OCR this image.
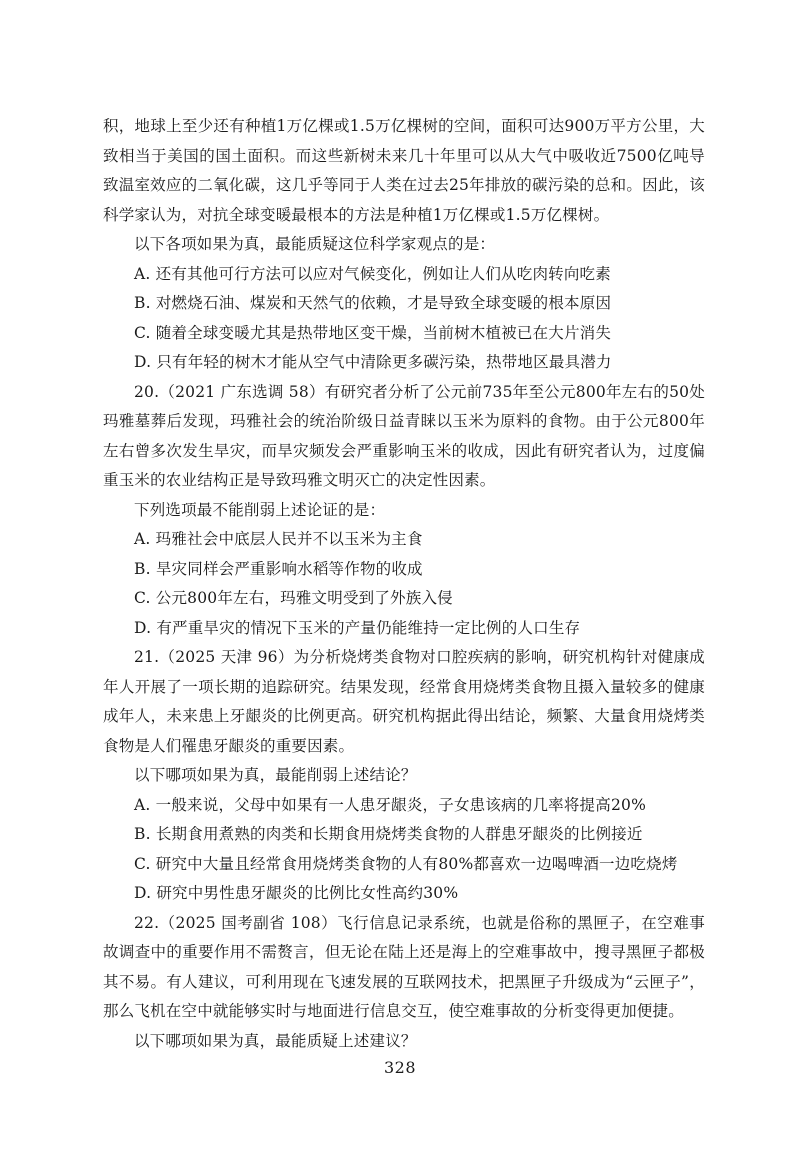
积，地球上至少还有种植1万亿棵或1.5万亿棵树的空间，面积可达900万平方公里，大致相当于美国的国土面积。而这些新树未来几十年里可以从大气中吸收近7500亿吨导致温室效应的二氧化碳，这几乎等同于人类在过去25年排放的碳污染的总和。因此，该科学家认为，对抗全球变暖最根本的方法是种植1万亿棵或1.5万亿棵树。

以下各项如果为真，最能质疑这位科学家观点的是：

A. 还有其他可行方法可以应对气候变化，例如让人们从吃肉转向吃素

B. 对燃烧石油、煤炭和天然气的依赖，才是导致全球变暖的根本原因

C. 随着全球变暖尤其是热带地区变干燥，当前树木植被已在大片消失

D. 只有年轻的树木才能从空气中清除更多碳污染，热带地区最具潜力

20.（2021 广东选调 58）有研究者分析了公元前735年至公元800年左右的50处玛雅墓葬后发现，玛雅社会的统治阶级日益青睐以玉米为原料的食物。由于公元800年左右曾多次发生旱灾，而旱灾频发会严重影响玉米的收成，因此有研究者认为，过度偏重玉米的农业结构正是导致玛雅文明灭亡的决定性因素。

下列选项最不能削弱上述论证的是：

A. 玛雅社会中底层人民并不以玉米为主食

B. 旱灾同样会严重影响水稻等作物的收成

C. 公元800年左右，玛雅文明受到了外族入侵

D. 有严重旱灾的情况下玉米的产量仍能维持一定比例的人口生存

21.（2025 天津 96）为分析烧烤类食物对口腔疾病的影响，研究机构针对健康成年人开展了一项长期的追踪研究。结果发现，经常食用烧烤类食物且摄入量较多的健康成年人，未来患上牙龈炎的比例更高。研究机构据此得出结论，频繁、大量食用烧烤类食物是人们罹患牙龈炎的重要因素。

以下哪项如果为真，最能削弱上述结论？

A. 一般来说，父母中如果有一人患牙龈炎，子女患该病的几率将提高20%

B. 长期食用煮熟的肉类和长期食用烧烤类食物的人群患牙龈炎的比例接近

C. 研究中大量且经常食用烧烤类食物的人有80%都喜欢一边喝啤酒一边吃烧烤

D. 研究中男性患牙龈炎的比例比女性高约30%

22.（2025 国考副省 108）飞行信息记录系统，也就是俗称的黑匣子，在空难事故调查中的重要作用不需赘言，但无论在陆上还是海上的空难事故中，搜寻黑匣子都极其不易。有人建议，可利用现在飞速发展的互联网技术，把黑匣子升级成为“云匣子”，那么飞机在空中就能够实时与地面进行信息交互，使空难事故的分析变得更加便捷。

以下哪项如果为真，最能质疑上述建议？

328
